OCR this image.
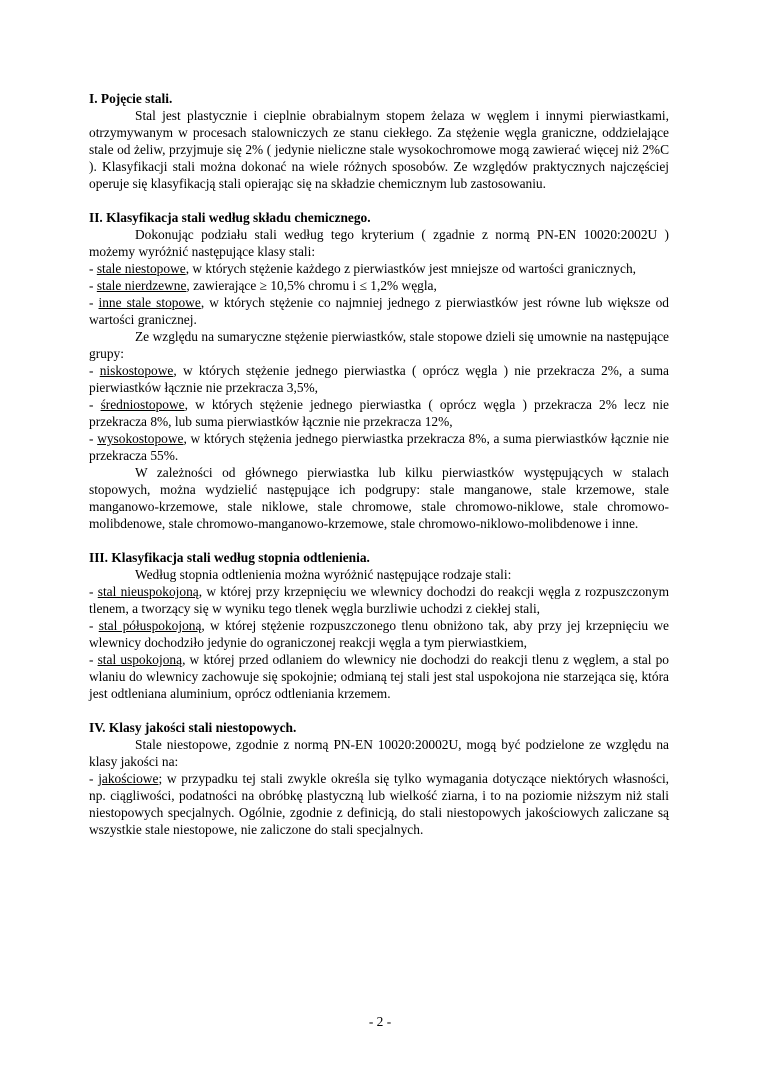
I. Pojęcie stali.

Stal jest plastycznie i cieplnie obrabialnym stopem żelaza w węglem i innymi pierwiastkami, otrzymywanym w procesach stalowniczych ze stanu ciekłego. Za stężenie węgla graniczne, oddzielające stale od żeliw, przyjmuje się 2% ( jedynie nieliczne stale wysokochromowe mogą zawierać więcej niż 2%C ). Klasyfikacji stali można dokonać na wiele różnych sposobów. Ze względów praktycznych najczęściej operuje się klasyfikacją stali opierając się na składzie chemicznym lub zastosowaniu.

II. Klasyfikacja stali według składu chemicznego.

Dokonując podziału stali według tego kryterium ( zgadnie z normą PN-EN 10020:2002U ) możemy wyróżnić następujące klasy stali:

- stale niestopowe, w których stężenie każdego z pierwiastków jest mniejsze od wartości granicznych,

- stale nierdzewne, zawierające ≥ 10,5% chromu i ≤ 1,2% węgla,

- inne stale stopowe, w których stężenie co najmniej jednego z pierwiastków jest równe lub większe od wartości granicznej.

Ze względu na sumaryczne stężenie pierwiastków, stale stopowe dzieli się umownie na następujące grupy:

- niskostopowe, w których stężenie jednego pierwiastka ( oprócz węgla ) nie przekracza 2%, a suma pierwiastków łącznie nie przekracza 3,5%,

- średniostopowe, w których stężenie jednego pierwiastka ( oprócz węgla ) przekracza 2% lecz nie przekracza 8%, lub suma pierwiastków łącznie nie przekracza 12%,

- wysokostopowe, w których stężenia jednego pierwiastka przekracza 8%, a suma pierwiastków łącznie nie przekracza 55%.

W zależności od głównego pierwiastka lub kilku pierwiastków występujących w stalach stopowych, można wydzielić następujące ich podgrupy: stale manganowe, stale krzemowe, stale manganowo-krzemowe, stale niklowe, stale chromowe, stale chromowo-niklowe, stale chromowo-molibdenowe, stale chromowo-manganowo-krzemowe, stale chromowo-niklowo-molibdenowe i inne.

III. Klasyfikacja stali według stopnia odtlenienia.

Według stopnia odtlenienia można wyróżnić następujące rodzaje stali:

- stal nieuspokojoną, w której przy krzepnięciu we wlewnicy dochodzi do reakcji węgla z rozpuszczonym tlenem, a tworzący się w wyniku tego tlenek węgla burzliwie uchodzi z ciekłej stali,

- stal półuspokojoną, w której stężenie rozpuszczonego tlenu obniżono tak, aby przy jej krzepnięciu we wlewnicy dochodziło jedynie do ograniczonej reakcji węgla a tym pierwiastkiem,

- stal uspokojoną, w której przed odlaniem do wlewnicy nie dochodzi do reakcji tlenu z węglem, a stal po wlaniu do wlewnicy zachowuje się spokojnie; odmianą tej stali jest stal uspokojona nie starzejąca się, która jest odtleniana aluminium, oprócz odtleniania krzemem.

IV. Klasy jakości stali niestopowych.

Stale niestopowe, zgodnie z normą PN-EN 10020:20002U, mogą być podzielone ze względu na klasy jakości na:

- jakościowe; w przypadku tej stali zwykle określa się tylko wymagania dotyczące niektórych własności, np. ciągliwości, podatności na obróbkę plastyczną lub wielkość ziarna, i to na poziomie niższym niż stali niestopowych specjalnych. Ogólnie, zgodnie z definicją, do stali niestopowych jakościowych zaliczane są wszystkie stale niestopowe, nie zaliczone do stali specjalnych.

- 2 -
